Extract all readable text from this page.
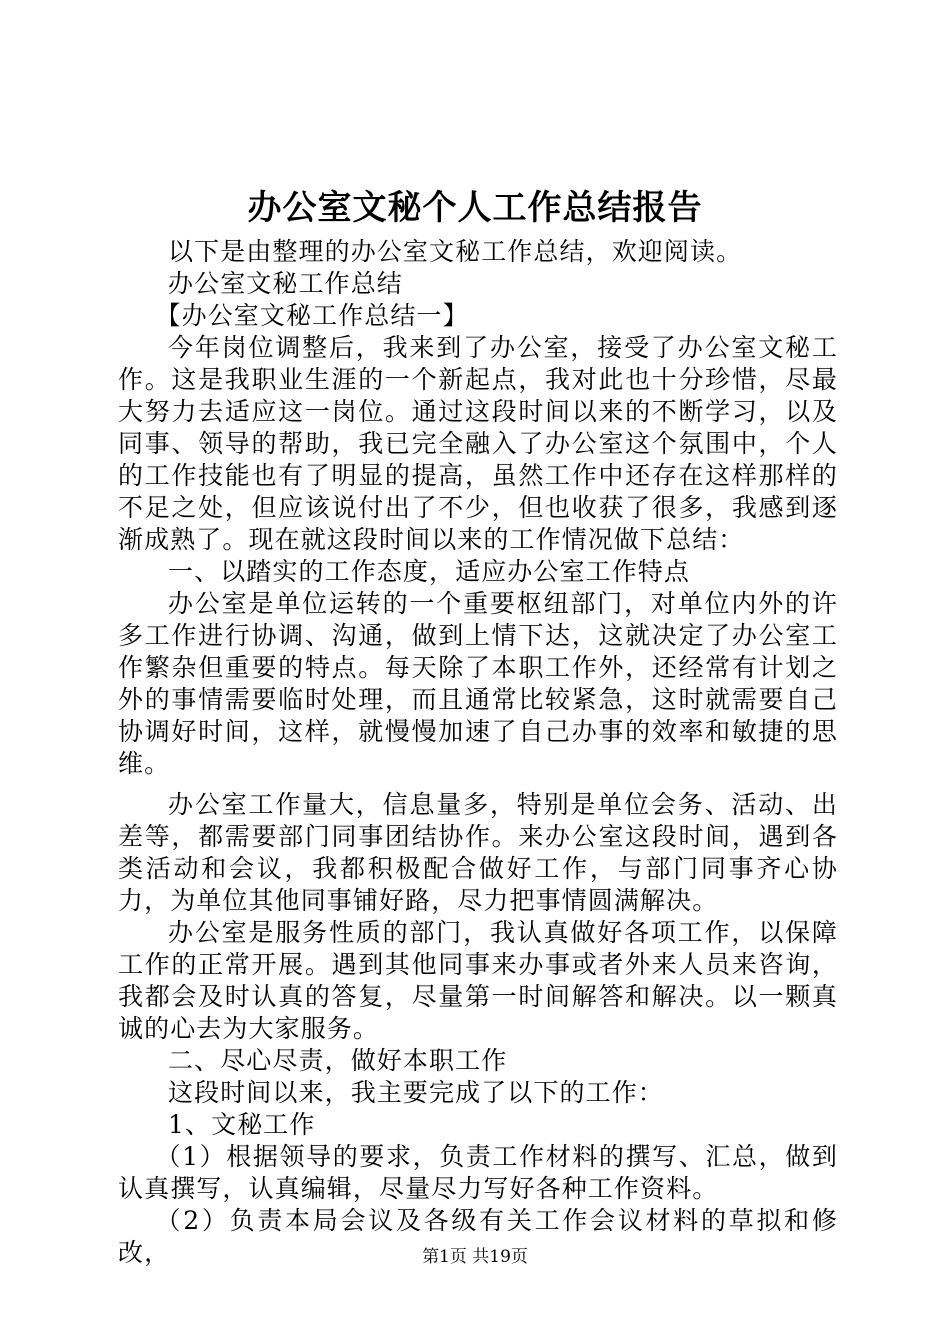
办公室文秘个人工作总结报告

以下是由整理的办公室文秘工作总结，欢迎阅读。

办公室文秘工作总结

【办公室文秘工作总结一】

今年岗位调整后，我来到了办公室，接受了办公室文秘工作。这是我职业生涯的一个新起点，我对此也十分珍惜，尽最大努力去适应这一岗位。通过这段时间以来的不断学习，以及同事、领导的帮助，我已完全融入了办公室这个氛围中，个人的工作技能也有了明显的提高，虽然工作中还存在这样那样的不足之处，但应该说付出了不少，但也收获了很多，我感到逐渐成熟了。现在就这段时间以来的工作情况做下总结：

一、以踏实的工作态度，适应办公室工作特点

办公室是单位运转的一个重要枢纽部门，对单位内外的许多工作进行协调、沟通，做到上情下达，这就决定了办公室工作繁杂但重要的特点。每天除了本职工作外，还经常有计划之外的事情需要临时处理，而且通常比较紧急，这时就需要自己协调好时间，这样，就慢慢加速了自己办事的效率和敏捷的思维。

办公室工作量大，信息量多，特别是单位会务、活动、出差等，都需要部门同事团结协作。来办公室这段时间，遇到各类活动和会议，我都积极配合做好工作，与部门同事齐心协力，为单位其他同事铺好路，尽力把事情圆满解决。

办公室是服务性质的部门，我认真做好各项工作，以保障工作的正常开展。遇到其他同事来办事或者外来人员来咨询，我都会及时认真的答复，尽量第一时间解答和解决。以一颗真诚的心去为大家服务。

二、尽心尽责，做好本职工作

这段时间以来，我主要完成了以下的工作：

1、文秘工作

（1）根据领导的要求，负责工作材料的撰写、汇总，做到认真撰写，认真编辑，尽量尽力写好各种工作资料。

（2）负责本局会议及各级有关工作会议材料的草拟和修改，	第1页 共19页
